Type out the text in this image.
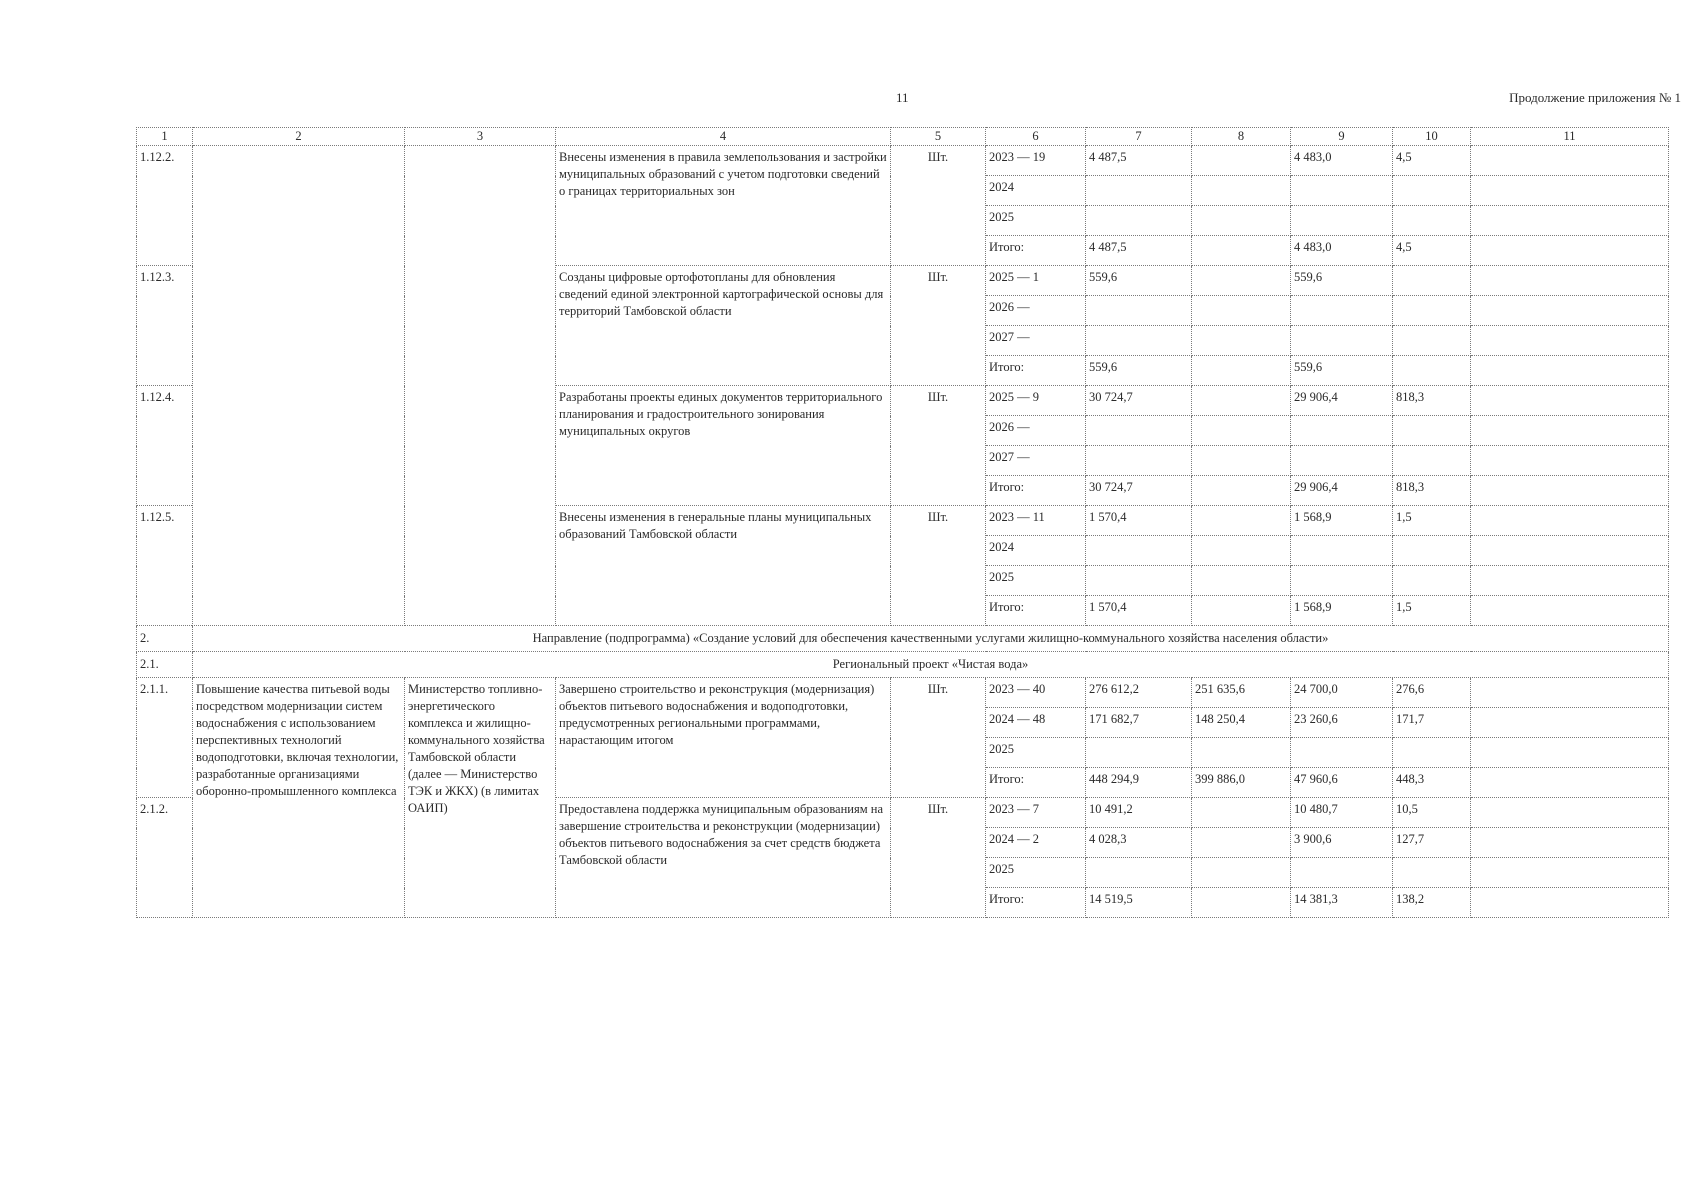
11	Продолжение приложения № 1
1	2	3	4	5	6	7	8	9	10	11
1.12.2.			Внесены изменения в правила землепользования и застройки муниципальных образований с учетом подготовки сведений о границах территориальных зон	Шт.	2023 — 19	4 487,5		4 483,0	4,5	
					2024					
					2025					
					Итого:	4 487,5		4 483,0	4,5	
1.12.3.			Созданы цифровые ортофотопланы для обновления сведений единой электронной картографической основы для территорий Тамбовской области	Шт.	2025 — 1	559,6		559,6		
					2026 —					
					2027 —					
					Итого:	559,6		559,6		
1.12.4.			Разработаны проекты единых документов территориального планирования и градостроительного зонирования муниципальных округов	Шт.	2025 — 9	30 724,7		29 906,4	818,3	
					2026 —					
					2027 —					
					Итого:	30 724,7		29 906,4	818,3	
1.12.5.			Внесены изменения в генеральные планы муниципальных образований Тамбовской области	Шт.	2023 — 11	1 570,4		1 568,9	1,5	
					2024					
					2025					
					Итого:	1 570,4		1 568,9	1,5	
2.	Направление (подпрограмма) «Создание условий для обеспечения качественными услугами жилищно-коммунального хозяйства населения области»									
2.1.	Региональный проект «Чистая вода»									
2.1.1.	Повышение качества питьевой воды посредством модернизации систем водоснабжения с использованием перспективных технологий водоподготовки, включая технологии, разработанные организациями оборонно-промышленного комплекса	Министерство топливно-энергетического комплекса и жилищно-коммунального хозяйства Тамбовской области (далее — Министерство ТЭК и ЖКХ) (в лимитах ОАИП)	Завершено строительство и реконструкция (модернизация) объектов питьевого водоснабжения и водоподготовки, предусмотренных региональными программами, нарастающим итогом	Шт.	2023 — 40	276 612,2	251 635,6	24 700,0	276,6	
					2024 — 48	171 682,7	148 250,4	23 260,6	171,7	
					2025					
					Итого:	448 294,9	399 886,0	47 960,6	448,3	
2.1.2.			Предоставлена поддержка муниципальным образованиям на завершение строительства и реконструкции (модернизации) объектов питьевого водоснабжения за счет средств бюджета Тамбовской области	Шт.	2023 — 7	10 491,2		10 480,7	10,5	
					2024 — 2	4 028,3		3 900,6	127,7	
					2025					
					Итого:	14 519,5		14 381,3	138,2	
